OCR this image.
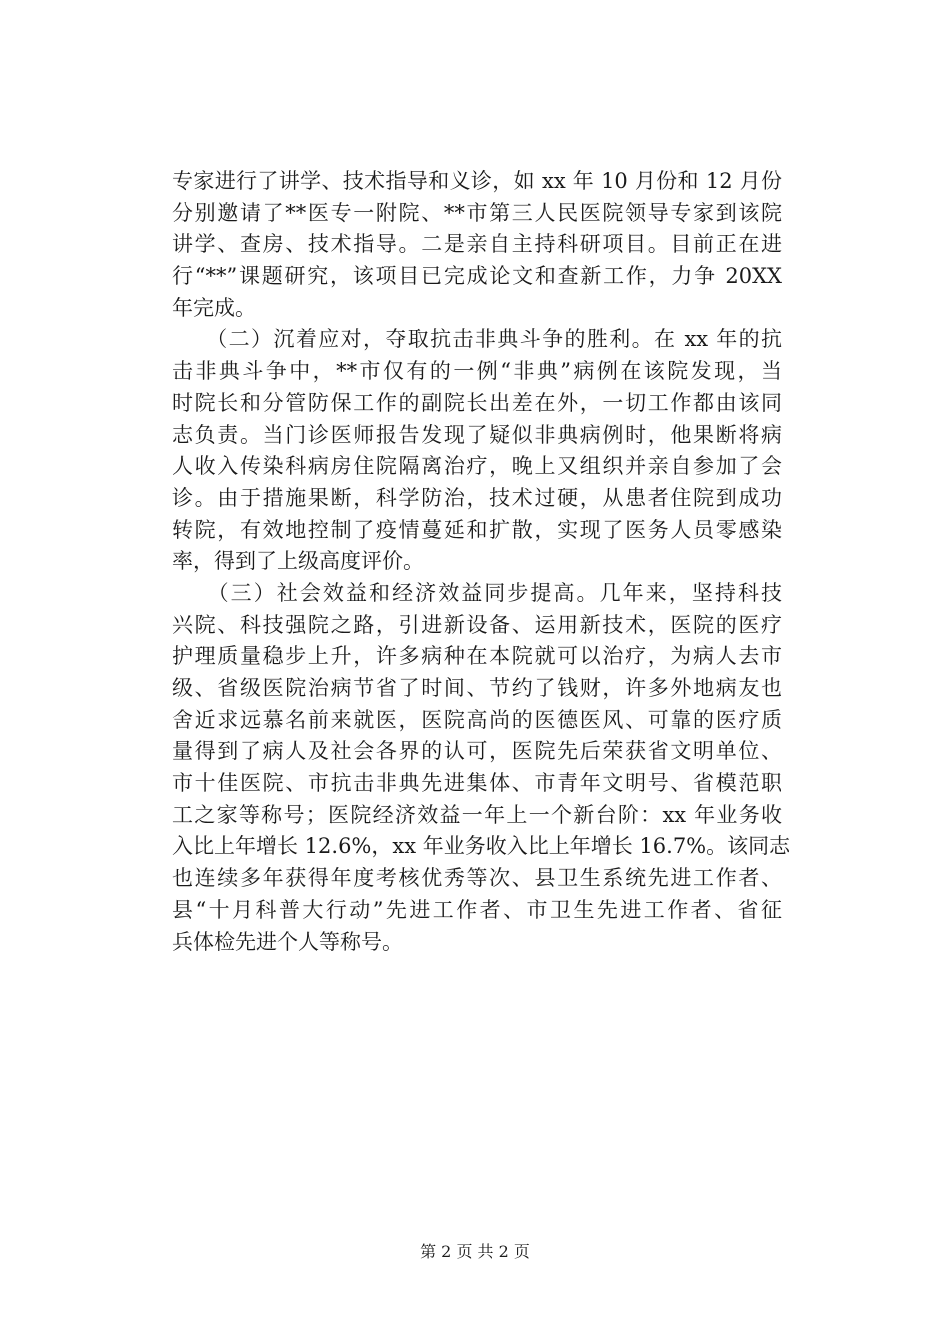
专家进行了讲学、技术指导和义诊，如 xx 年 10 月份和 12 月份
分别邀请了**医专一附院、**市第三人民医院领导专家到该院
讲学、查房、技术指导。二是亲自主持科研项目。目前正在进
行“**”课题研究，该项目已完成论文和查新工作，力争 20XX
年完成。
　　（二）沉着应对，夺取抗击非典斗争的胜利。在 xx 年的抗
击非典斗争中，**市仅有的一例“非典”病例在该院发现，当
时院长和分管防保工作的副院长出差在外，一切工作都由该同
志负责。当门诊医师报告发现了疑似非典病例时，他果断将病
人收入传染科病房住院隔离治疗，晚上又组织并亲自参加了会
诊。由于措施果断，科学防治，技术过硬，从患者住院到成功
转院，有效地控制了疫情蔓延和扩散，实现了医务人员零感染
率，得到了上级高度评价。
　　（三）社会效益和经济效益同步提高。几年来，坚持科技
兴院、科技强院之路，引进新设备、运用新技术，医院的医疗
护理质量稳步上升，许多病种在本院就可以治疗，为病人去市
级、省级医院治病节省了时间、节约了钱财，许多外地病友也
舍近求远慕名前来就医，医院高尚的医德医风、可靠的医疗质
量得到了病人及社会各界的认可，医院先后荣获省文明单位、
市十佳医院、市抗击非典先进集体、市青年文明号、省模范职
工之家等称号；医院经济效益一年上一个新台阶：xx 年业务收
入比上年增长 12.6%，xx 年业务收入比上年增长 16.7%。该同志
也连续多年获得年度考核优秀等次、县卫生系统先进工作者、
县“十月科普大行动”先进工作者、市卫生先进工作者、省征
兵体检先进个人等称号。
第 2 页 共 2 页
